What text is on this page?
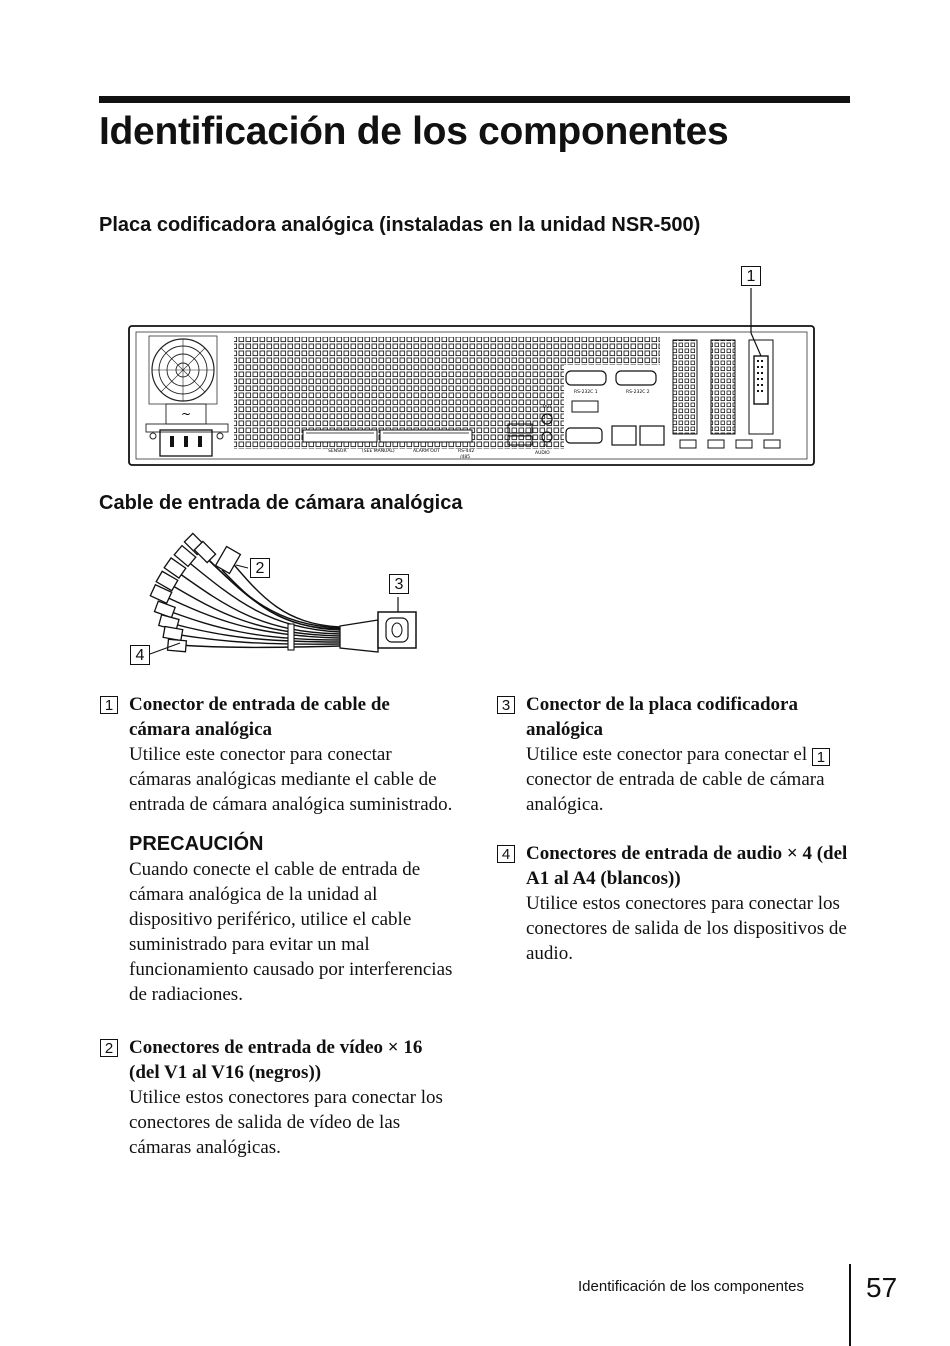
Identificación de los componentes
Placa codificadora analógica (instaladas en la unidad NSR-500)
~
SENSOR	(SEE MANUAL)	ALARM OUT	RS-442
/485
OUT
IN
AUDIO
RS-232C 1	RS-232C 2
1
Cable de entrada de cámara analógica
2
3
4
1 Conector de entrada de cable de cámara analógica
Utilice este conector para conectar cámaras analógicas mediante el cable de entrada de cámara analógica suministrado.
PRECAUCIÓN
Cuando conecte el cable de entrada de cámara analógica de la unidad al dispositivo periférico, utilice el cable suministrado para evitar un mal funcionamiento causado por interferencias de radiaciones.
2 Conectores de entrada de vídeo × 16 (del V1 al V16 (negros))
Utilice estos conectores para conectar los conectores de salida de vídeo de las cámaras analógicas.
3 Conector de la placa codificadora analógica
Utilice este conector para conectar el 1 conector de entrada de cable de cámara analógica.
4 Conectores de entrada de audio × 4 (del A1 al A4 (blancos))
Utilice estos conectores para conectar los conectores de salida de los dispositivos de audio.
Identificación de los componentes 57
